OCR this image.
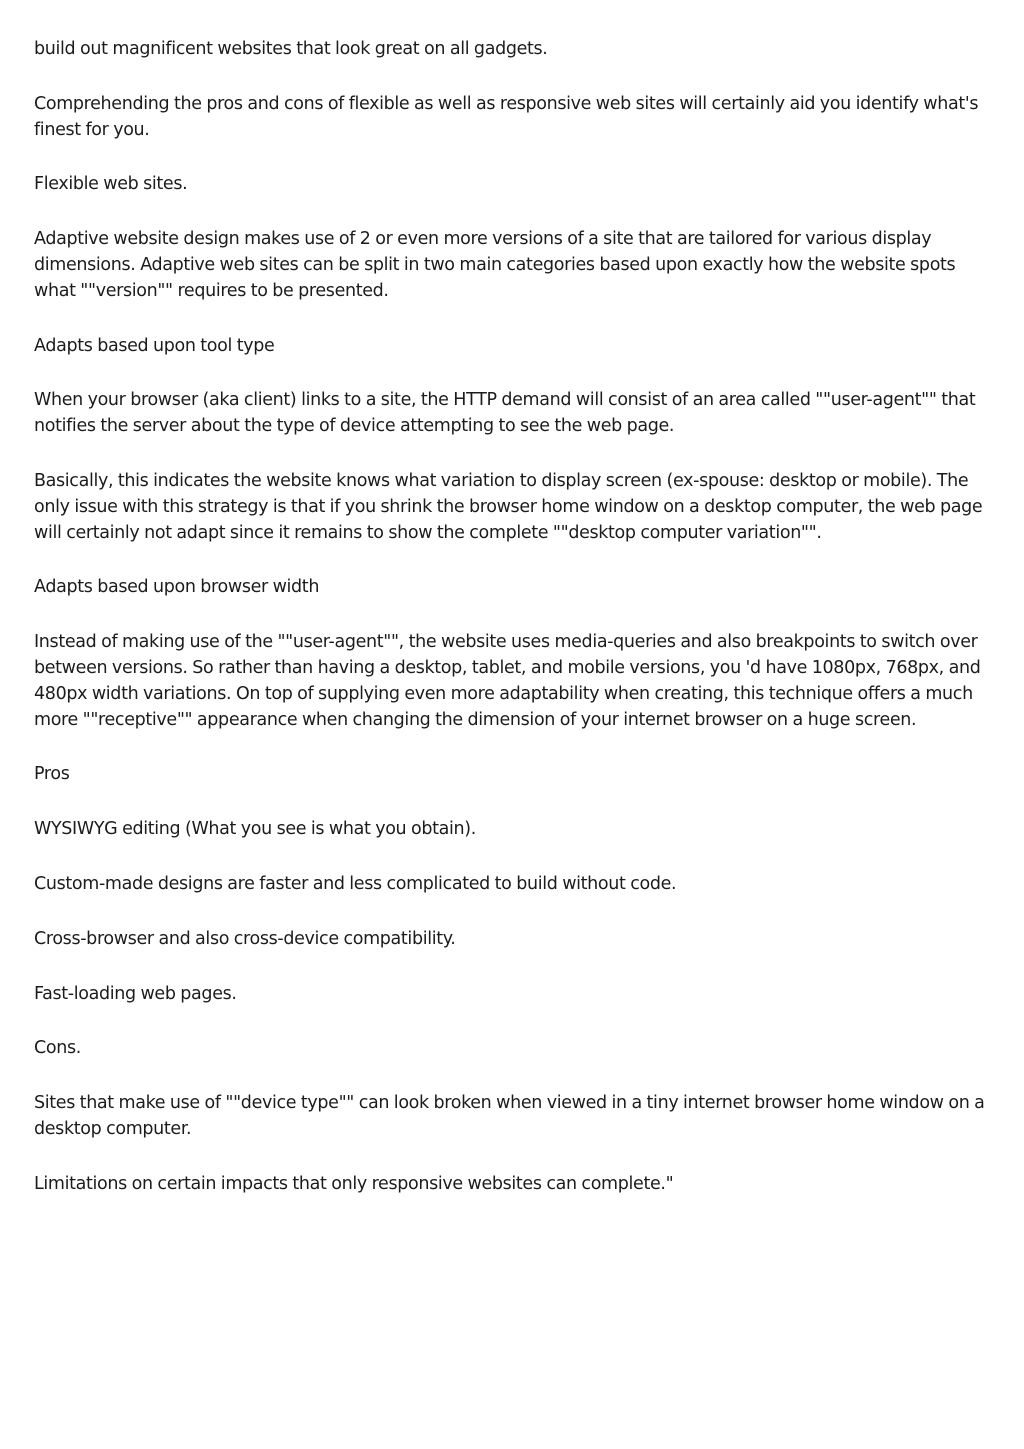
build out magnificent websites that look great on all gadgets.

Comprehending the pros and cons of flexible as well as responsive web sites will certainly aid you identify what's finest for you.

Flexible web sites.

Adaptive website design makes use of 2 or even more versions of a site that are tailored for various display dimensions. Adaptive web sites can be split in two main categories based upon exactly how the website spots what ""version"" requires to be presented.

Adapts based upon tool type

When your browser (aka client) links to a site, the HTTP demand will consist of an area called ""user-agent"" that notifies the server about the type of device attempting to see the web page.

Basically, this indicates the website knows what variation to display screen (ex-spouse: desktop or mobile). The only issue with this strategy is that if you shrink the browser home window on a desktop computer, the web page will certainly not adapt since it remains to show the complete ""desktop computer variation"".

Adapts based upon browser width

Instead of making use of the ""user-agent"", the website uses media-queries and also breakpoints to switch over between versions. So rather than having a desktop, tablet, and mobile versions, you 'd have 1080px, 768px, and 480px width variations. On top of supplying even more adaptability when creating, this technique offers a much more ""receptive"" appearance when changing the dimension of your internet browser on a huge screen.

Pros

WYSIWYG editing (What you see is what you obtain).

Custom-made designs are faster and less complicated to build without code.

Cross-browser and also cross-device compatibility.

Fast-loading web pages.

Cons.

Sites that make use of ""device type"" can look broken when viewed in a tiny internet browser home window on a desktop computer.

Limitations on certain impacts that only responsive websites can complete."
